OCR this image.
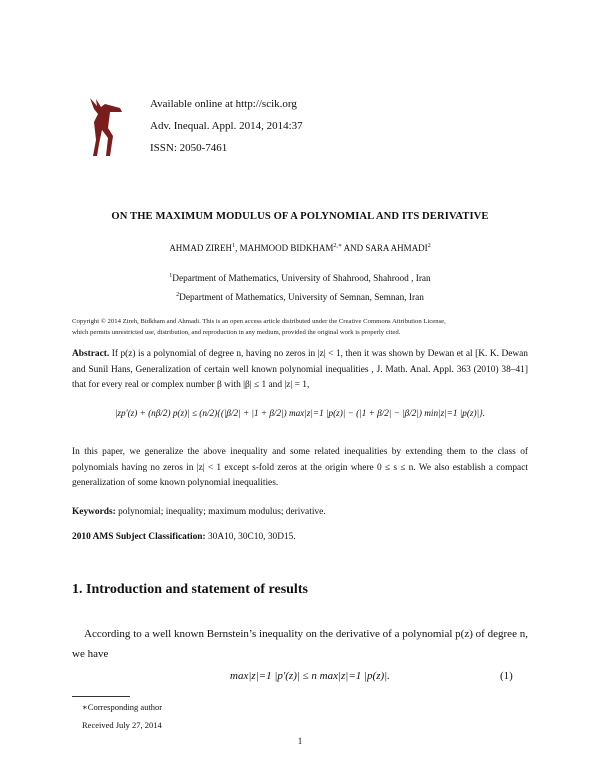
Available online at http://scik.org
Adv. Inequal. Appl. 2014, 2014:37
ISSN: 2050-7461
ON THE MAXIMUM MODULUS OF A POLYNOMIAL AND ITS DERIVATIVE
AHMAD ZIREH$^1$, MAHMOOD $BIDKHAM^{2,∗}$ AND SARA AHMADI$^2$
$^1$Department of Mathematics, University of Shahrood, Shahrood , Iran
$^2$Department of Mathematics, University of Semnan, Semnan, Iran
Copyright © 2014 Zireh, Bidkham and Ahmadi. This is an open access article distributed under the Creative Commons Attribution License,
which permits unrestricted use, distribution, and reproduction in any medium, provided the original work is properly cited.
Abstract. If p(z) is a polynomial of degree n, having no zeros in |z| < 1, then it was shown by Dewan et al [K. K. Dewan and Sunil Hans, Generalization of certain well known polynomial inequalities , J. Math. Anal. Appl. 363 (2010) 38–41] that for every real or complex number β with |β| ≤ 1 and |z| = 1,
|zp′(z) + (nβ/2) p(z)| ≤ (n/2){(|β/2| + |1 + β/2|) max|z|=1 |p(z)| − (|1 + β/2| − |β/2|) min|z|=1 |p(z)|}.
In this paper, we generalize the above inequality and some related inequalities by extending them to the class of polynomials having no zeros in |z| < 1 except s-fold zeros at the origin where 0 ≤ s ≤ n. We also establish a compact generalization of some known polynomial inequalities.
Keywords: polynomial; inequality; maximum modulus; derivative.
2010 AMS Subject Classification: 30A10, 30C10, 30D15.
1. Introduction and statement of results
According to a well known Bernstein’s inequality on the derivative of a polynomial p(z) of degree n, we have
max|z|=1 |p′(z)| ≤ n max|z|=1 |p(z)|.	(1)
∗Corresponding author
Received July 27, 2014
1
